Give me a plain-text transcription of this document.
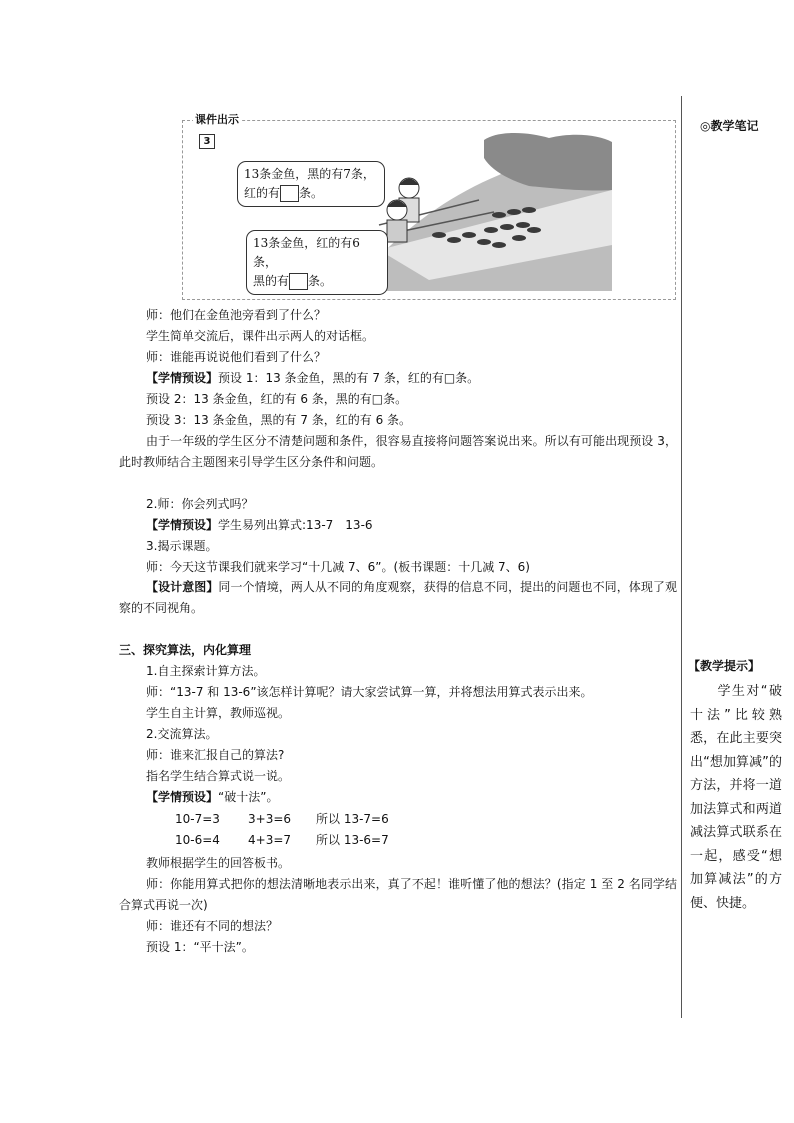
◎教学笔记
【教学提示】
学生对“破十法”比较熟悉，在此主要突出“想加算减”的方法，并将一道加法算式和两道减法算式联系在一起，感受“想加算减法”的方便、快捷。
课件出示
3
13条金鱼，黑的有7条，
红的有 条。
13条金鱼，红的有6条，
黑的有 条。
师：他们在金鱼池旁看到了什么？
学生简单交流后，课件出示两人的对话框。
师：谁能再说说他们看到了什么？
【学情预设】预设 1：13 条金鱼，黑的有 7 条，红的有□条。
预设 2：13 条金鱼，红的有 6 条，黑的有□条。
预设 3：13 条金鱼，黑的有 7 条，红的有 6 条。
由于一年级的学生区分不清楚问题和条件，很容易直接将问题答案说出来。所以有可能出现预设 3，此时教师结合主题图来引导学生区分条件和问题。
2.师：你会列式吗？
【学情预设】学生易列出算式:13-7　13-6
3.揭示课题。
师：今天这节课我们就来学习“十几减 7、6”。(板书课题：十几减 7、6)
【设计意图】同一个情境，两人从不同的角度观察，获得的信息不同，提出的问题也不同，体现了观察的不同视角。
三、探究算法，内化算理
1.自主探索计算方法。
师：“13-7 和 13-6”该怎样计算呢？请大家尝试算一算，并将想法用算式表示出来。
学生自主计算，教师巡视。
2.交流算法。
师：谁来汇报自己的算法?
指名学生结合算式说一说。
【学情预设】“破十法”。
10-7=3 3+3=6 所以 13-7=6
10-6=4 4+3=7 所以 13-6=7
教师根据学生的回答板书。
师：你能用算式把你的想法清晰地表示出来，真了不起！谁听懂了他的想法？(指定 1 至 2 名同学结合算式再说一次)
师：谁还有不同的想法？
预设 1：“平十法”。
